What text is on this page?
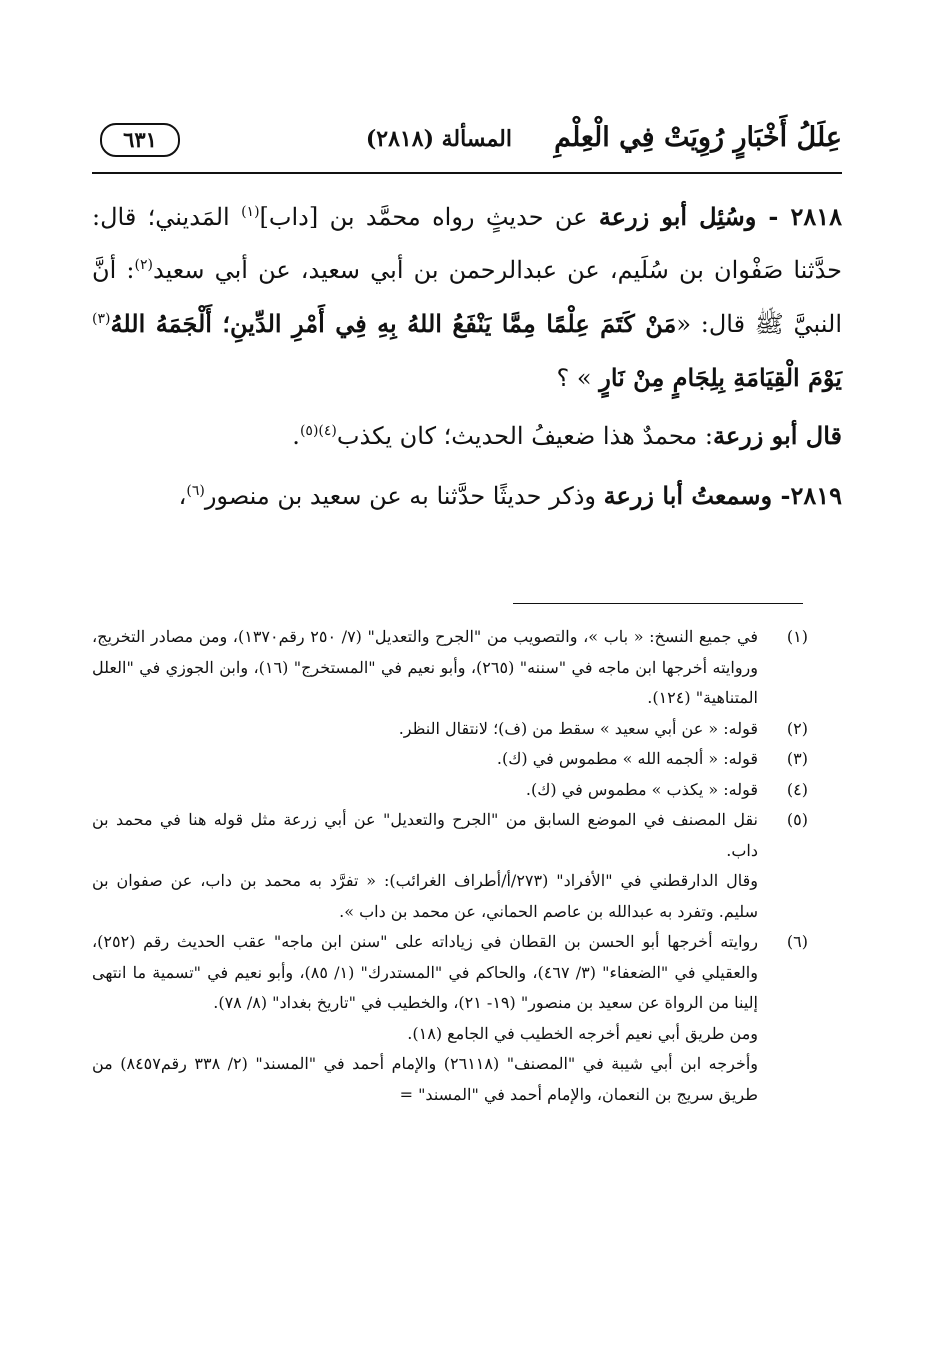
عِلَلُ أَخْبَارٍ رُوِيَتْ فِي الْعِلْمِ
المسألة (٢٨١٨)
٦٣١

٢٨١٨ - وسُئِل أبو زرعة عن حديثٍ رواه محمَّد بن [داب]$^{(١)}$ المَديني؛ قال: حدَّثنا صَفْوان بن سُلَيم، عن عبدالرحمن بن أبي سعيد، عن أبي سعيد$^{(٢)}$: أنَّ النبيَّ ﷺ قال: «مَنْ كَتَمَ عِلْمًا مِمَّا يَنْفَعُ اللهُ بِهِ فِي أَمْرِ الدِّينِ؛ أَلْجَمَهُ اللهُ$^{(٣)}$ يَوْمَ الْقِيَامَةِ بِلِجَامٍ مِنْ نَارٍ » ؟

قال أبو زرعة: محمدٌ هذا ضعيفُ الحديث؛ كان يكذب$^{(٤)(٥)}$.

٢٨١٩- وسمعتُ أبا زرعة وذكر حديثًا حدَّثنا به عن سعيد بن منصور$^{(٦)}$،

(١)
في جميع النسخ: « باب »، والتصويب من "الجرح والتعديل" (٧/ ٢٥٠ رقم١٣٧٠)، ومن مصادر التخريج، وروايته أخرجها ابن ماجه في "سننه" (٢٦٥)، وأبو نعيم في "المستخرج" (١٦)، وابن الجوزي في "العلل المتناهية" (١٢٤).

(٢)
قوله: « عن أبي سعيد » سقط من (ف)؛ لانتقال النظر.

(٣)
قوله: « ألجمه الله » مطموس في (ك).

(٤)
قوله: « يكذب » مطموس في (ك).

(٥)
نقل المصنف في الموضع السابق من "الجرح والتعديل" عن أبي زرعة مثل قوله هنا في محمد بن داب.

وقال الدارقطني في "الأفراد" (٢٧٣/أ/أطراف الغرائب): « تفرَّد به محمد بن داب، عن صفوان بن سليم. وتفرد به عبدالله بن عاصم الحماني، عن محمد بن داب ».

(٦)
روايته أخرجها أبو الحسن بن القطان في زياداته على "سنن ابن ماجه" عقب الحديث رقم (٢٥٢)، والعقيلي في "الضعفاء" (٣/ ٤٦٧)، والحاكم في "المستدرك" (١/ ٨٥)، وأبو نعيم في "تسمية ما انتهى إلينا من الرواة عن سعيد بن منصور" (١٩- ٢١)، والخطيب في "تاريخ بغداد" (٨/ ٧٨).

ومن طريق أبي نعيم أخرجه الخطيب في الجامع (١٨).

وأخرجه ابن أبي شيبة في "المصنف" (٢٦١١٨) والإمام أحمد في "المسند" (٢/ ٣٣٨ رقم٨٤٥٧) من طريق سريج بن النعمان، والإمام أحمد في "المسند" =
